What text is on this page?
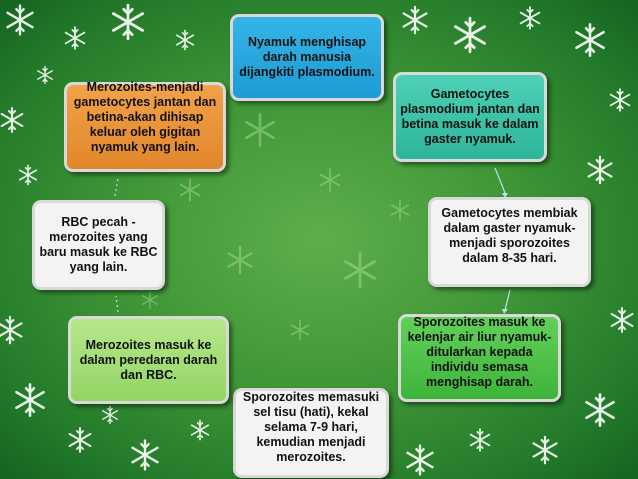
Nyamuk menghisap darah manusia dijangkiti plasmodium.
Gametocytes plasmodium jantan dan betina masuk ke dalam gaster nyamuk.
Gametocytes membiak dalam gaster nyamuk-menjadi sporozoites dalam 8-35 hari.
Sporozoites masuk ke kelenjar air liur nyamuk-ditularkan kepada individu semasa menghisap darah.
Sporozoites memasuki sel tisu (hati), kekal selama 7-9 hari, kemudian menjadi merozoites.
Merozoites masuk ke dalam peredaran darah dan RBC.
RBC pecah - merozoites yang baru masuk ke RBC yang lain.
Merozoites-menjadi gametocytes jantan dan betina-akan dihisap keluar oleh gigitan nyamuk yang lain.
